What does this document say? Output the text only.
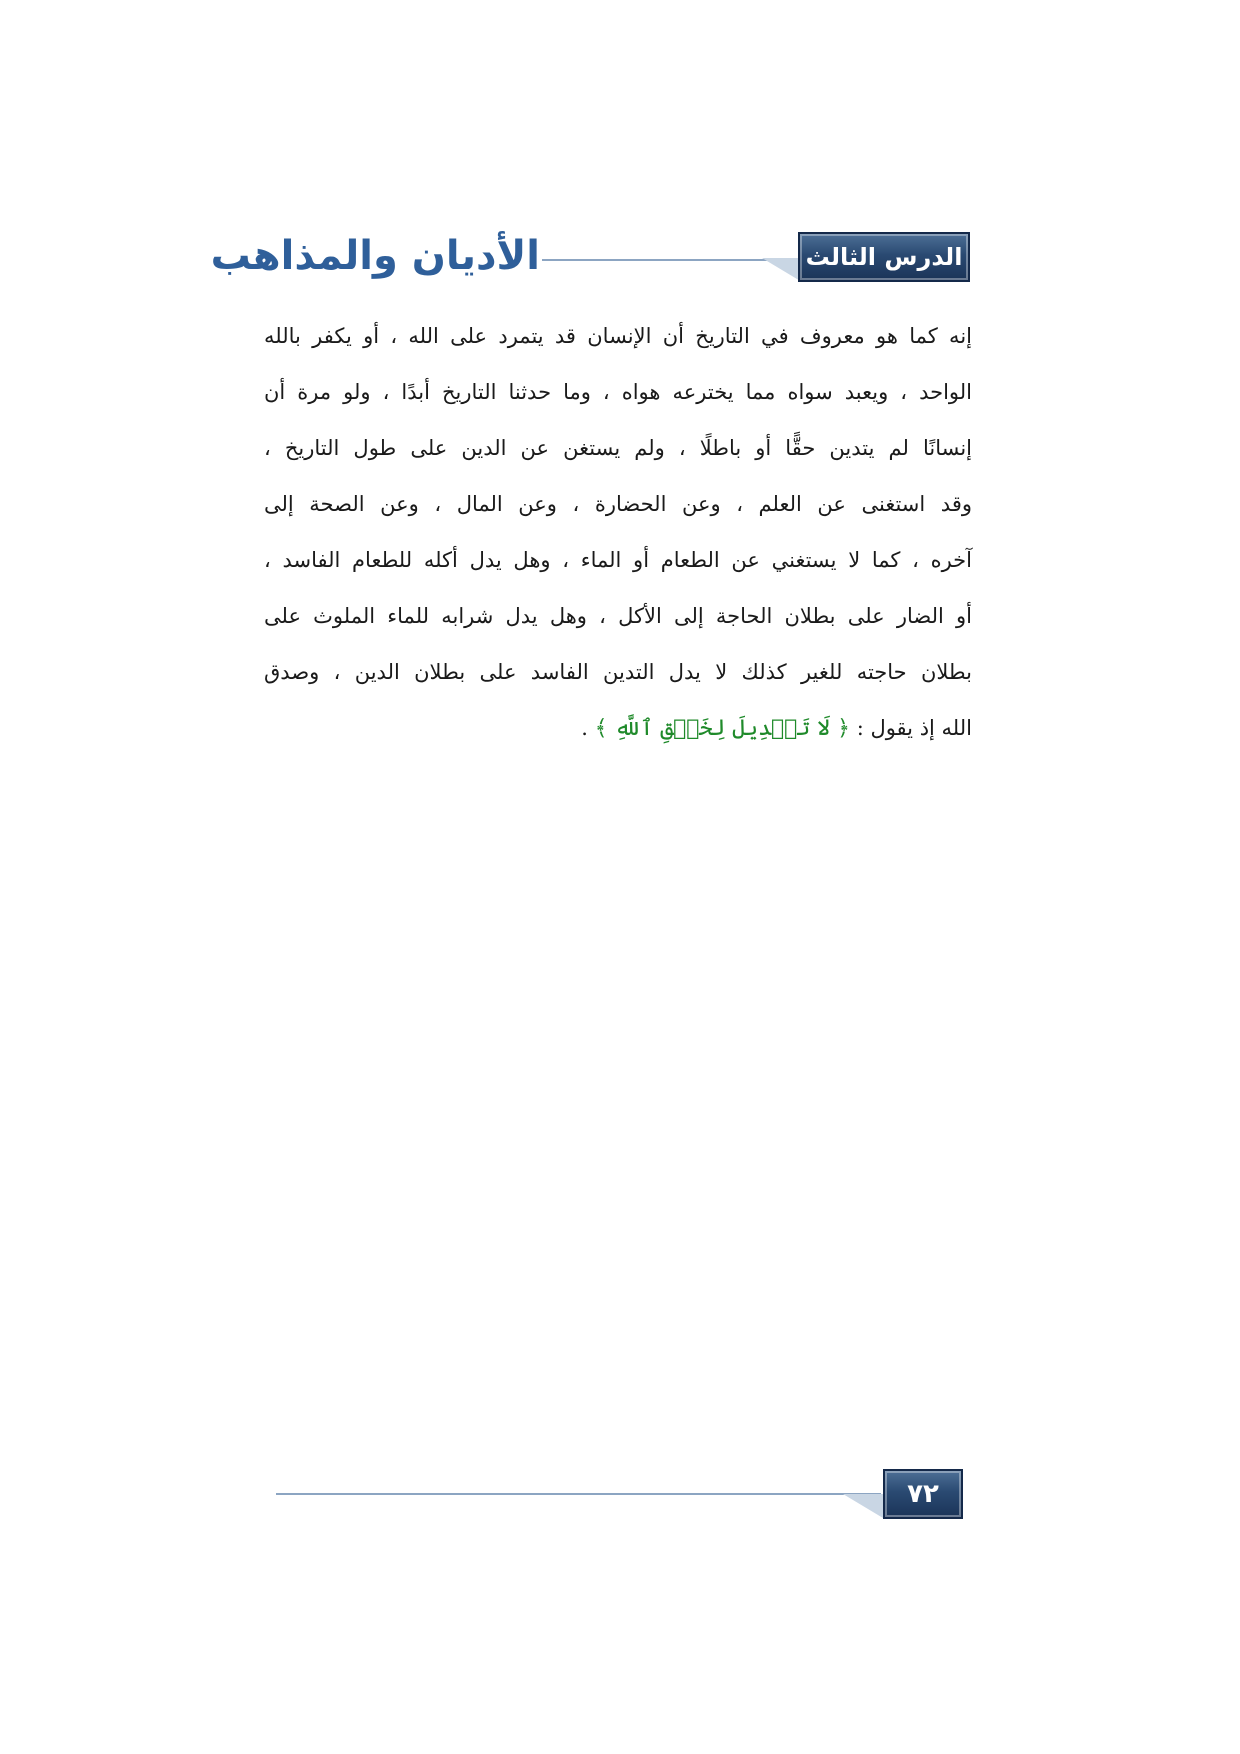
الأديان والمذاهب	الدرس الثالث
إنه كما هو معروف في التاريخ أن الإنسان قد يتمرد على الله ، أو يكفر بالله
الواحد ، ويعبد سواه مما يخترعه هواه ، وما حدثنا التاريخ أبدًا ، ولو مرة أن
إنسانًا لم يتدين حقًّا أو باطلًا ، ولم يستغن عن الدين على طول التاريخ ،
وقد استغنى عن العلم ، وعن الحضارة ، وعن المال ، وعن الصحة إلى
آخره ، كما لا يستغني عن الطعام أو الماء ، وهل يدل أكله للطعام الفاسد ،
أو الضار على بطلان الحاجة إلى الأكل ، وهل يدل شرابه للماء الملوث على
بطلان حاجته للغير كذلك لا يدل التدين الفاسد على بطلان الدين ، وصدق
الله إذ يقول : ﴿ لَا تَبۡدِيلَ لِخَلۡقِ ٱللَّهِ ﴾ .
٧٢
